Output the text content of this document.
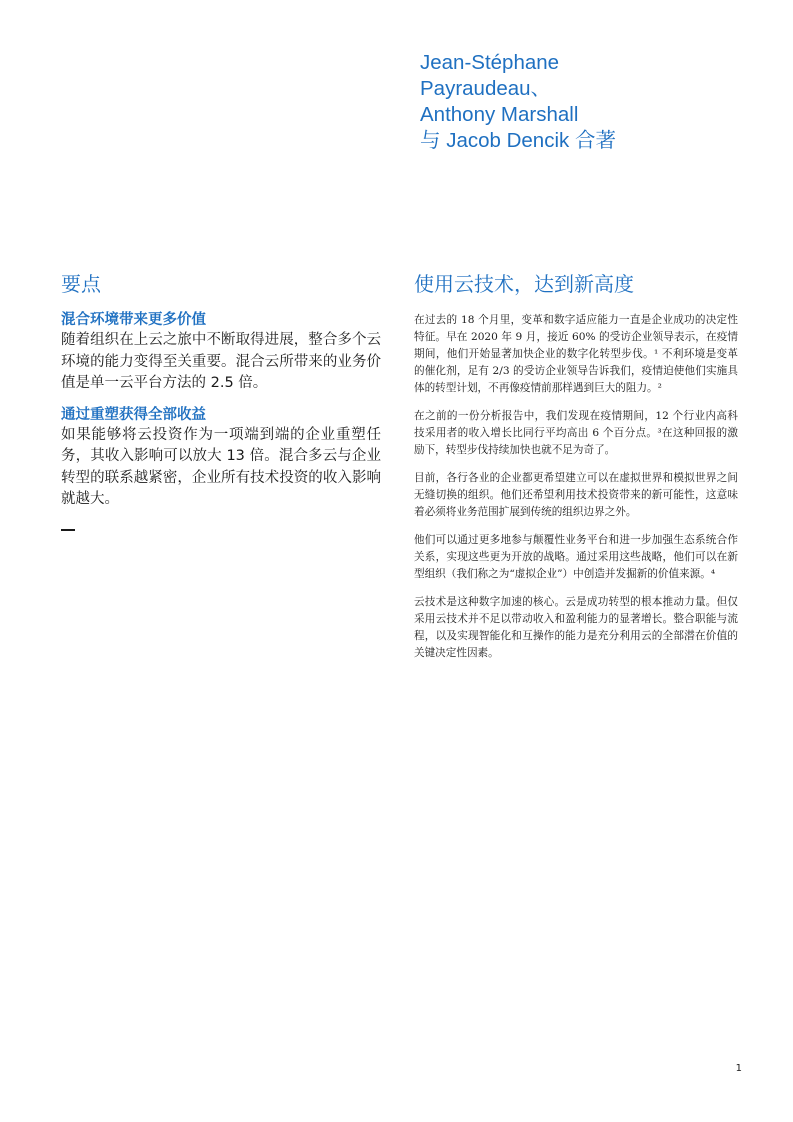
Jean-Stéphane
Payraudeau、
Anthony Marshall
与 Jacob Dencik 合著
要点

混合环境带来更多价值

随着组织在上云之旅中不断取得进展，整合多个云环境的能力变得至关重要。混合云所带来的业务价值是单一云平台方法的 2.5 倍。

通过重塑获得全部收益

如果能够将云投资作为一项端到端的企业重塑任务，其收入影响可以放大 13 倍。混合多云与企业转型的联系越紧密，企业所有技术投资的收入影响就越大。

使用云技术，达到新高度

在过去的 18 个月里，变革和数字适应能力一直是企业成功的决定性特征。早在 2020 年 9 月，接近 60% 的受访企业领导表示，在疫情期间，他们开始显著加快企业的数字化转型步伐。¹ 不利环境是变革的催化剂，足有 2/3 的受访企业领导告诉我们，疫情迫使他们实施具体的转型计划，不再像疫情前那样遇到巨大的阻力。²

在之前的一份分析报告中，我们发现在疫情期间，12 个行业内高科技采用者的收入增长比同行平均高出 6 个百分点。³在这种回报的激励下，转型步伐持续加快也就不足为奇了。

目前，各行各业的企业都更希望建立可以在虚拟世界和模拟世界之间无缝切换的组织。他们还希望利用技术投资带来的新可能性，这意味着必须将业务范围扩展到传统的组织边界之外。

他们可以通过更多地参与颠覆性业务平台和进一步加强生态系统合作关系，实现这些更为开放的战略。通过采用这些战略，他们可以在新型组织（我们称之为“虚拟企业”）中创造并发掘新的价值来源。⁴

云技术是这种数字加速的核心。云是成功转型的根本推动力量。但仅采用云技术并不足以带动收入和盈利能力的显著增长。整合职能与流程，以及实现智能化和互操作的能力是充分利用云的全部潜在价值的关键决定性因素。

1
